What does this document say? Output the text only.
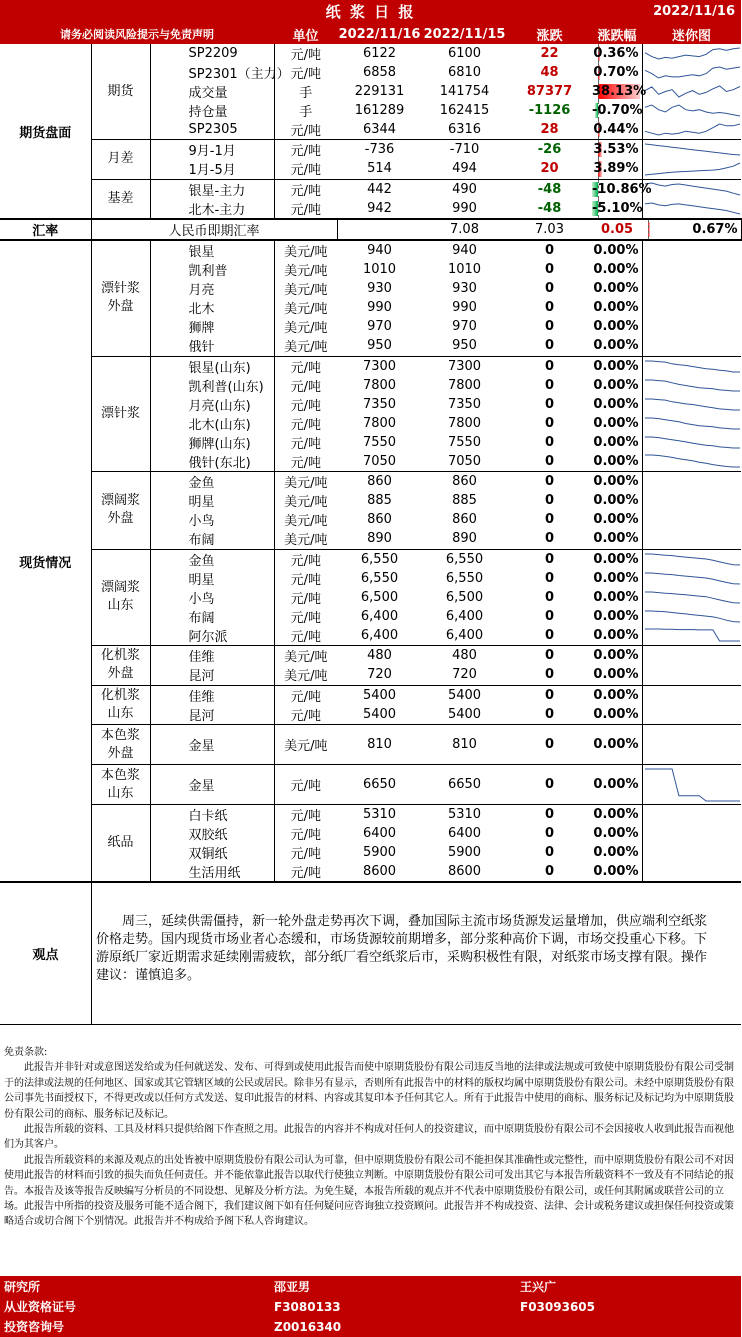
纸 浆 日 报	2022/11/16
请务必阅读风险提示与免责声明			单位	2022/11/16	2022/11/15	涨跌	涨跌幅	迷你图	
期货盘面	期货	SP2209	元/吨	6122	6100	22	0.36%	

		SP2301（主力）	元/吨	6858	6810	48	0.70%	

		成交量	手	229131	141754	87377	38.13%	

		持仓量	手	161289	162415	-1126	-0.70%	

		SP2305	元/吨	6344	6316	28	0.44%	

	月差	9月-1月	元/吨	-736	-710	-26	3.53%	

		1月-5月	元/吨	514	494	20	3.89%	

	基差	银星-主力	元/吨	442	490	-48	-10.86%	

		北木-主力	元/吨	942	990	-48	-5.10%	

汇率	人民币即期汇率				7.08	7.03	0.05	0.67%	

现货情况	漂针浆外盘	银星	美元/吨	940	940	0	0.00%	

		凯利普	美元/吨	1010	1010	0	0.00%	

		月亮	美元/吨	930	930	0	0.00%	

		北木	美元/吨	990	990	0	0.00%	

		狮牌	美元/吨	970	970	0	0.00%	

		俄针	美元/吨	950	950	0	0.00%	

	漂针浆	银星(山东)	元/吨	7300	7300	0	0.00%	

		凯利普(山东)	元/吨	7800	7800	0	0.00%	

		月亮(山东)	元/吨	7350	7350	0	0.00%	

		北木(山东)	元/吨	7800	7800	0	0.00%	

		狮牌(山东)	元/吨	7550	7550	0	0.00%	

		俄针(东北)	元/吨	7050	7050	0	0.00%	

	漂阔浆外盘	金鱼	美元/吨	860	860	0	0.00%	

		明星	美元/吨	885	885	0	0.00%	

		小鸟	美元/吨	860	860	0	0.00%	

		布阔	美元/吨	890	890	0	0.00%	

	漂阔浆山东	金鱼	元/吨	6,550	6,550	0	0.00%	

		明星	元/吨	6,550	6,550	0	0.00%	

		小鸟	元/吨	6,500	6,500	0	0.00%	

		布阔	元/吨	6,400	6,400	0	0.00%	

		阿尔派	元/吨	6,400	6,400	0	0.00%	

	化机浆外盘	佳维	美元/吨	480	480	0	0.00%	

		昆河	美元/吨	720	720	0	0.00%	

	化机浆山东	佳维	元/吨	5400	5400	0	0.00%	

		昆河	元/吨	5400	5400	0	0.00%	

	本色浆外盘	金星	美元/吨	810	810	0	0.00%	

	本色浆山东	金星	元/吨	6650	6650	0	0.00%	

	纸品	白卡纸	元/吨	5310	5310	0	0.00%	

		双胶纸	元/吨	6400	6400	0	0.00%	

		双铜纸	元/吨	5900	5900	0	0.00%	

		生活用纸	元/吨	8600	8600	0	0.00%	
观点
周三，延续供需僵持，新一轮外盘走势再次下调，叠加国际主流市场货源发运量增加，供应端利空纸浆价格走势。国内现货市场业者心态缓和，市场货源较前期增多，部分浆种高价下调，市场交投重心下移。下游原纸厂家近期需求延续刚需疲软，部分纸厂看空纸浆后市，采购积极性有限，对纸浆市场支撑有限。操作建议：谨慎追多。

免责条款:

此报告并非针对或意图送发给或为任何就送发、发布、可得到或使用此报告而使中原期货股份有限公司违反当地的法律或法规或可致使中原期货股份有限公司受制于的法律或法规的任何地区、国家或其它管辖区域的公民或居民。除非另有显示，否则所有此报告中的材料的版权均属中原期货股份有限公司。未经中原期货股份有限公司事先书面授权下，不得更改或以任何方式发送、复印此报告的材料、内容或其复印本予任何其它人。所有于此报告中使用的商标、服务标记及标记均为中原期货股份有限公司的商标、服务标记及标记。

此报告所载的资料、工具及材料只提供给阁下作查照之用。此报告的内容并不构成对任何人的投资建议，而中原期货股份有限公司不会因接收人收到此报告而视他们为其客户。

此报告所载资料的来源及观点的出处皆被中原期货股份有限公司认为可靠，但中原期货股份有限公司不能担保其准确性或完整性，而中原期货股份有限公司不对因使用此报告的材料而引致的损失而负任何责任。并不能依靠此报告以取代行使独立判断。中原期货股份有限公司可发出其它与本报告所载资料不一致及有不同结论的报告。本报告及该等报告反映编写分析员的不同设想、见解及分析方法。为免生疑，本报告所载的观点并不代表中原期货股份有限公司，或任何其附属或联营公司的立场。此报告中所指的投资及服务可能不适合阁下，我们建议阁下如有任何疑问应咨询独立投资顾问。此报告并不构成投资、法律、会计或税务建议或担保任何投资或策略适合或切合阁下个别情况。此报告并不构成给予阁下私人咨询建议。

研究所	邵亚男	王兴广
从业资格证号	F3080133	F03093605
投资咨询号	Z0016340
